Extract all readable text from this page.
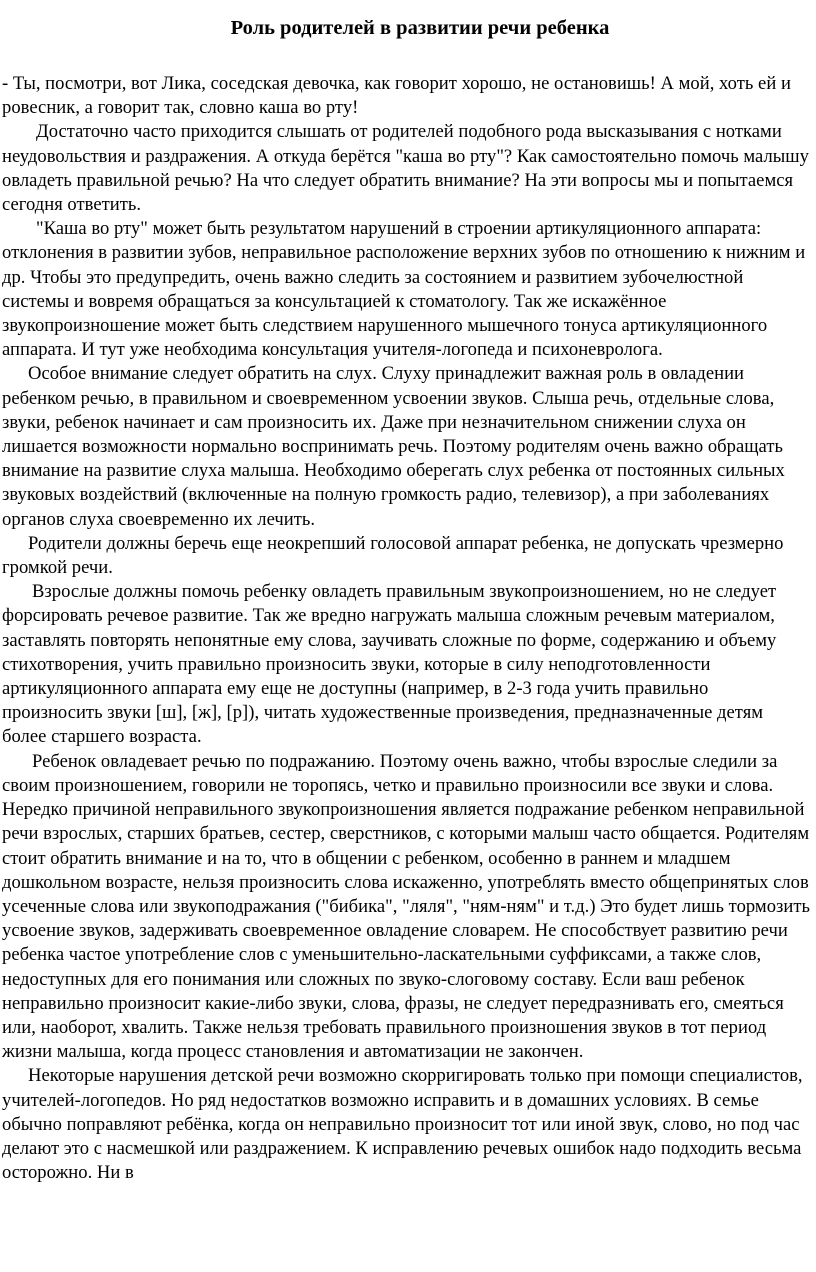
Роль родителей в развитии речи ребенка

- Ты, посмотри, вот Лика, соседская девочка, как говорит хорошо, не остановишь! А мой, хоть ей и ровесник, а говорит так, словно каша во рту!

Достаточно часто приходится слышать от родителей подобного рода высказывания с нотками неудовольствия и раздражения. А откуда берётся "каша во рту"? Как самостоятельно помочь малышу овладеть правильной речью? На что следует обратить внимание? На эти вопросы мы и попытаемся сегодня ответить.

"Каша во рту" может быть результатом нарушений в строении артикуляционного аппарата: отклонения в развитии зубов, неправильное расположение верхних зубов по отношению к нижним и др. Чтобы это предупредить, очень важно следить за состоянием и развитием зубочелюстной системы и вовремя обращаться за консультацией к стоматологу. Так же искажённое звукопроизношение может быть следствием нарушенного мышечного тонуса артикуляционного аппарата. И тут уже необходима консультация учителя-логопеда и психоневролога.

Особое внимание следует обратить на слух. Слуху принадлежит важная роль в овладении ребенком речью, в правильном и своевременном усвоении звуков. Слыша речь, отдельные слова, звуки, ребенок начинает и сам произносить их. Даже при незначительном снижении слуха он лишается возможности нормально воспринимать речь. Поэтому родителям очень важно обращать внимание на развитие слуха малыша. Необходимо оберегать слух ребенка от постоянных сильных звуковых воздействий (включенные на полную громкость радио, телевизор), а при заболеваниях органов слуха своевременно их лечить.

Родители должны беречь еще неокрепший голосовой аппарат ребенка, не допускать чрезмерно громкой речи.

Взрослые должны помочь ребенку овладеть правильным звукопроизношением, но не следует форсировать речевое развитие. Так же вредно нагружать малыша сложным речевым материалом, заставлять повторять непонятные ему слова, заучивать сложные по форме, содержанию и объему стихотворения, учить правильно произносить звуки, которые в силу неподготовленности артикуляционного аппарата ему еще не доступны (например, в 2-3 года учить правильно произносить звуки [ш], [ж], [р]), читать художественные произведения, предназначенные детям более старшего возраста.

Ребенок овладевает речью по подражанию. Поэтому очень важно, чтобы взрослые следили за своим произношением, говорили не торопясь, четко и правильно произносили все звуки и слова. Нередко причиной неправильного звукопроизношения является подражание ребенком неправильной речи взрослых, старших братьев, сестер, сверстников, с которыми малыш часто общается. Родителям стоит обратить внимание и на то, что в общении с ребенком, особенно в раннем и младшем дошкольном возрасте, нельзя произносить слова искаженно, употреблять вместо общепринятых слов усеченные слова или звукоподражания ("бибика", "ляля", "ням-ням" и т.д.) Это будет лишь тормозить усвоение звуков, задерживать своевременное овладение словарем. Не способствует развитию речи ребенка частое употребление слов с уменьшительно-ласкательными суффиксами, а также слов, недоступных для его понимания или сложных по звуко-слоговому составу. Если ваш ребенок неправильно произносит какие-либо звуки, слова, фразы, не следует передразнивать его, смеяться или, наоборот, хвалить. Также нельзя требовать правильного произношения звуков в тот период жизни малыша, когда процесс становления и автоматизации не закончен.

Некоторые нарушения детской речи возможно скорригировать только при помощи специалистов, учителей-логопедов. Но ряд недостатков возможно исправить и в домашних условиях. В семье обычно поправляют ребёнка, когда он неправильно произносит тот или иной звук, слово, но под час делают это с насмешкой или раздражением. К исправлению речевых ошибок надо подходить весьма осторожно. Ни в
